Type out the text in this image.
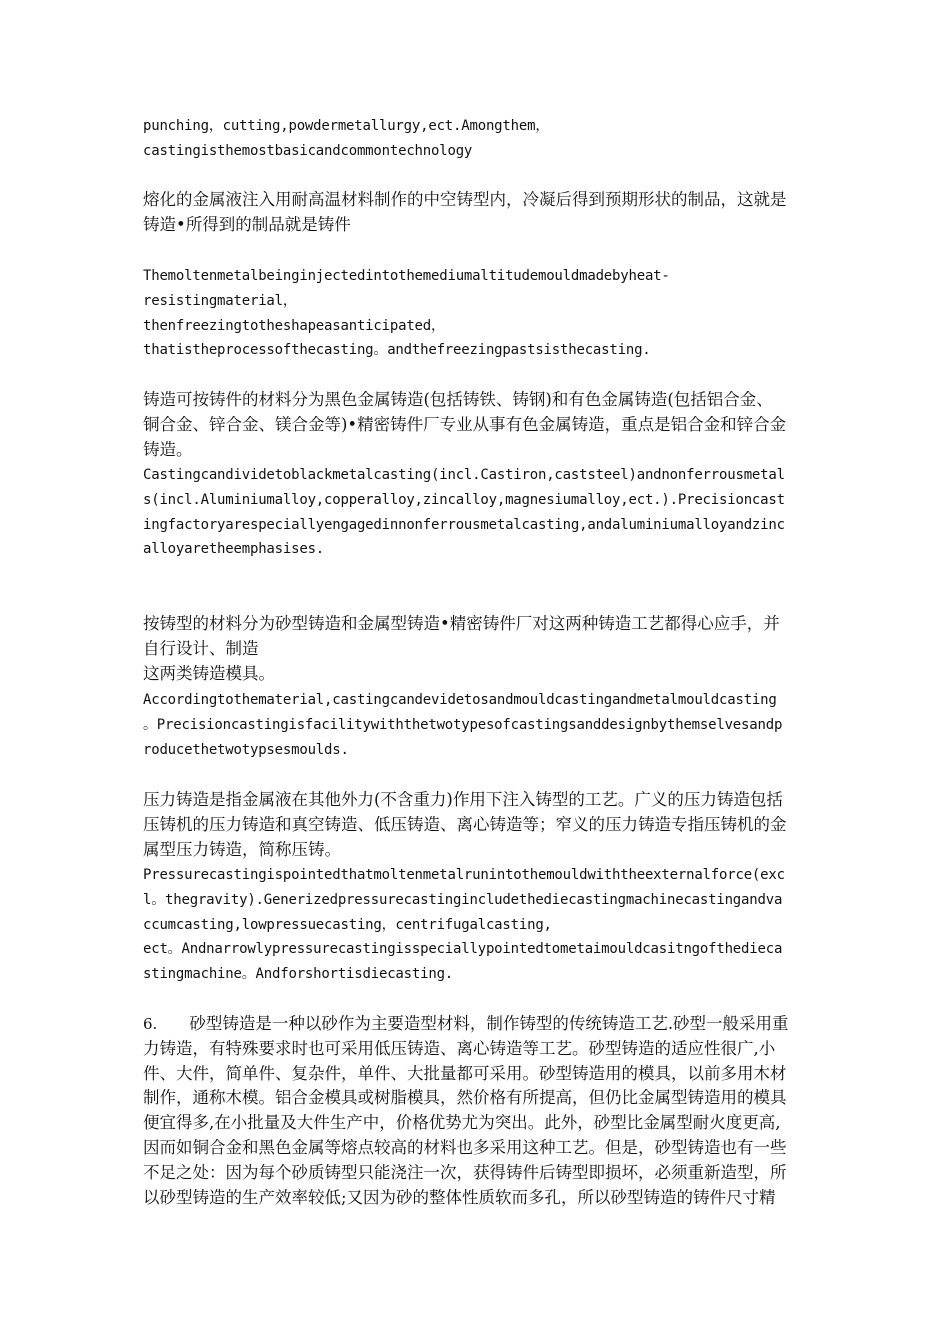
punching，cutting,powdermetallurgy,ect.Amongthem，
castingisthemostbasicandcommontechnology
熔化的金属液注入用耐高温材料制作的中空铸型内，冷凝后得到预期形状的制品，这就是
铸造•所得到的制品就是铸件
Themoltenmetalbeinginjectedintothemediumaltitudemouldmadebyheat-
resistingmaterial，
thenfreezingtotheshapeasanticipated，
thatistheprocessofthecasting。andthefreezingpastsisthecasting.
铸造可按铸件的材料分为黑色金属铸造(包括铸铁、铸钢)和有色金属铸造(包括铝合金、
铜合金、锌合金、镁合金等)•精密铸件厂专业从事有色金属铸造，重点是铝合金和锌合金
铸造。
Castingcandividetoblackmetalcasting(incl.Castiron,caststeel)andnonferrousmetal
s(incl.Aluminiumalloy,copperalloy,zincalloy,magnesiumalloy,ect.).Precisioncast
ingfactoryarespeciallyengagedinnonferrousmetalcasting,andaluminiumalloyandzinc
alloyaretheemphasises.
按铸型的材料分为砂型铸造和金属型铸造•精密铸件厂对这两种铸造工艺都得心应手，并
自行设计、制造
这两类铸造模具。
Accordingtothematerial,castingcandevidetosandmouldcastingandmetalmouldcasting
。Precisioncastingisfacilitywiththetwotypesofcastingsanddesignbythemselvesandp
roducethetwotypsesmoulds.
压力铸造是指金属液在其他外力(不含重力)作用下注入铸型的工艺。广义的压力铸造包括
压铸机的压力铸造和真空铸造、低压铸造、离心铸造等；窄义的压力铸造专指压铸机的金
属型压力铸造，简称压铸。
Pressurecastingispointedthatmoltenmetalrunintothemouldwiththeexternalforce(exc
l。thegravity).Generizedpressurecastingincludethediecastingmachinecastingandva
ccumcasting,lowpressuecasting，centrifugalcasting,
ect。Andnarrowlypressurecastingisspeciallypointedtometaimouldcasitngofthedieca
stingmachine。Andforshortisdiecasting.
6. 砂型铸造是一种以砂作为主要造型材料，制作铸型的传统铸造工艺.砂型一般采用重
力铸造，有特殊要求时也可采用低压铸造、离心铸造等工艺。砂型铸造的适应性很广,小
件、大件，简单件、复杂件，单件、大批量都可采用。砂型铸造用的模具，以前多用木材
制作，通称木模。铝合金模具或树脂模具，然价格有所提高，但仍比金属型铸造用的模具
便宜得多,在小批量及大件生产中，价格优势尤为突出。此外，砂型比金属型耐火度更高,
因而如铜合金和黑色金属等熔点较高的材料也多采用这种工艺。但是，砂型铸造也有一些
不足之处：因为每个砂质铸型只能浇注一次，获得铸件后铸型即损坏，必须重新造型，所
以砂型铸造的生产效率较低;又因为砂的整体性质软而多孔，所以砂型铸造的铸件尺寸精
